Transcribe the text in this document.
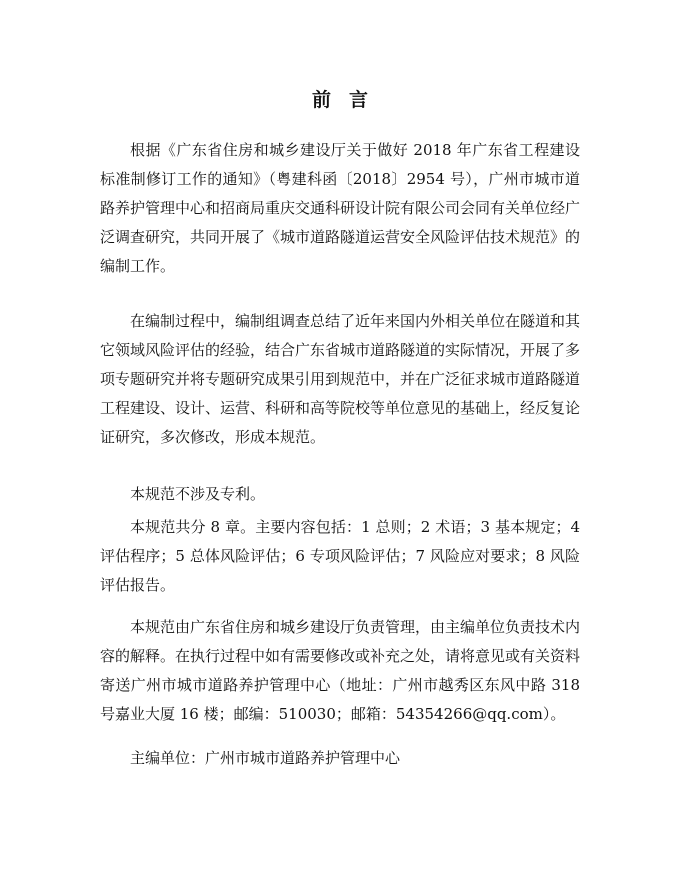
前言

根据《广东省住房和城乡建设厅关于做好 2018 年广东省工程建设标准制修订工作的通知》（粤建科函〔2018〕2954 号），广州市城市道路养护管理中心和招商局重庆交通科研设计院有限公司会同有关单位经广泛调查研究，共同开展了《城市道路隧道运营安全风险评估技术规范》的编制工作。

在编制过程中，编制组调查总结了近年来国内外相关单位在隧道和其它领域风险评估的经验，结合广东省城市道路隧道的实际情况，开展了多项专题研究并将专题研究成果引用到规范中，并在广泛征求城市道路隧道工程建设、设计、运营、科研和高等院校等单位意见的基础上，经反复论证研究，多次修改，形成本规范。

本规范不涉及专利。

本规范共分 8 章。主要内容包括：1 总则；2 术语；3 基本规定；4 评估程序；5 总体风险评估；6 专项风险评估；7 风险应对要求；8 风险评估报告。

本规范由广东省住房和城乡建设厅负责管理，由主编单位负责技术内容的解释。在执行过程中如有需要修改或补充之处，请将意见或有关资料寄送广州市城市道路养护管理中心（地址：广州市越秀区东风中路 318 号嘉业大厦 16 楼；邮编：510030；邮箱：54354266@qq.com）。

主编单位：广州市城市道路养护管理中心
